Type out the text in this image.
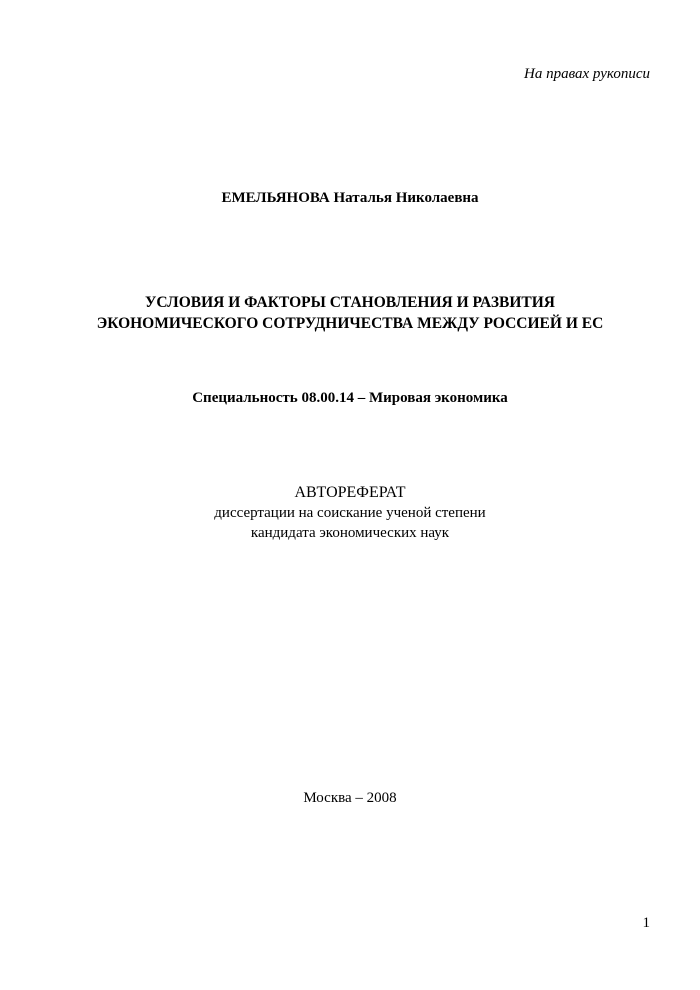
На правах рукописи
ЕМЕЛЬЯНОВА Наталья Николаевна
УСЛОВИЯ И ФАКТОРЫ СТАНОВЛЕНИЯ И РАЗВИТИЯ
ЭКОНОМИЧЕСКОГО СОТРУДНИЧЕСТВА МЕЖДУ РОССИЕЙ И ЕС
Специальность 08.00.14 – Мировая экономика
АВТОРЕФЕРАТ
диссертации на соискание ученой степени
кандидата экономических наук
Москва – 2008
1
